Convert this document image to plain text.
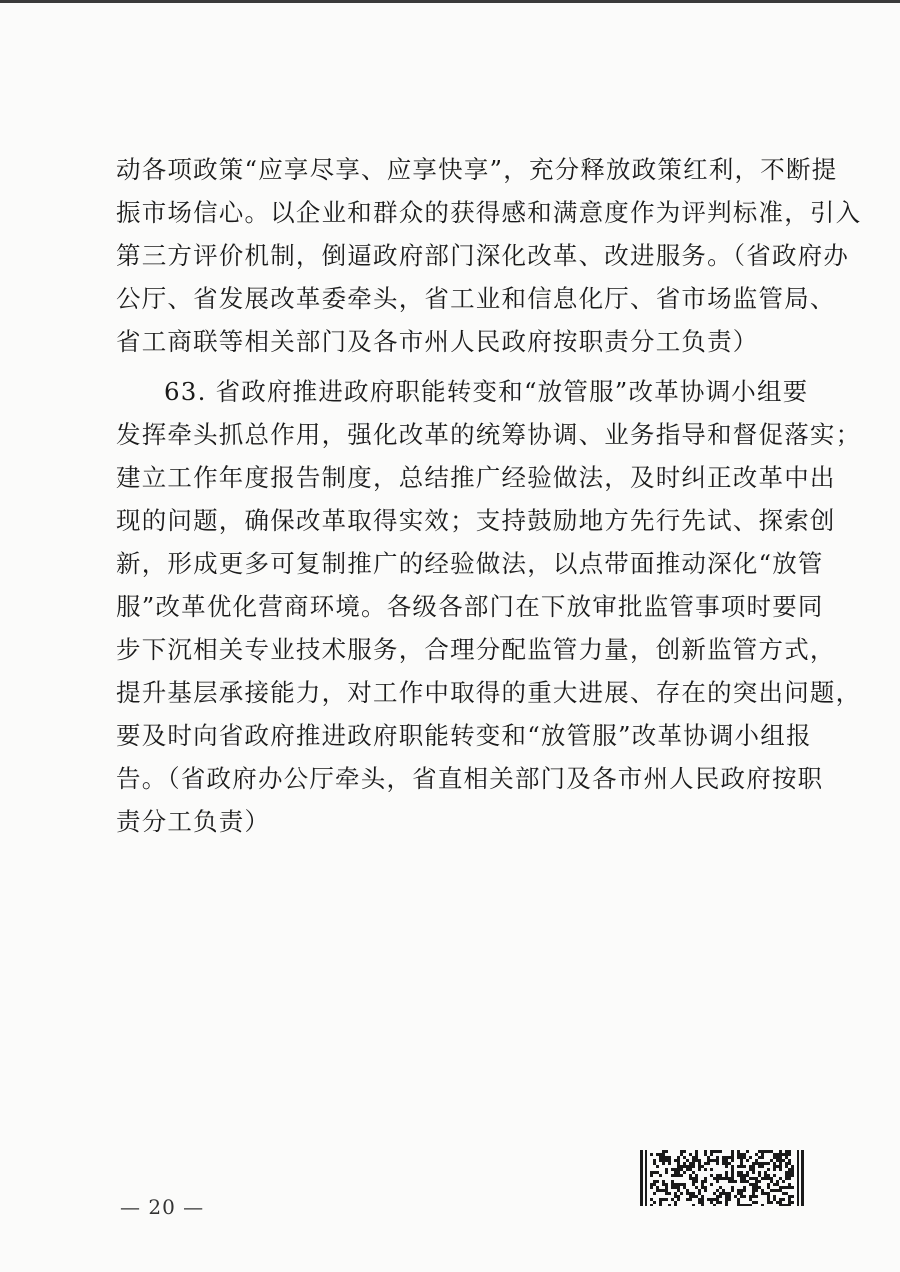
动各项政策“应享尽享、应享快享”，充分释放政策红利，不断提
振市场信心。以企业和群众的获得感和满意度作为评判标准，引入
第三方评价机制，倒逼政府部门深化改革、改进服务。（省政府办
公厅、省发展改革委牵头，省工业和信息化厅、省市场监管局、
省工商联等相关部门及各市州人民政府按职责分工负责）
63. 省政府推进政府职能转变和“放管服”改革协调小组要
发挥牵头抓总作用，强化改革的统筹协调、业务指导和督促落实；
建立工作年度报告制度，总结推广经验做法，及时纠正改革中出
现的问题，确保改革取得实效；支持鼓励地方先行先试、探索创
新，形成更多可复制推广的经验做法，以点带面推动深化“放管
服”改革优化营商环境。各级各部门在下放审批监管事项时要同
步下沉相关专业技术服务，合理分配监管力量，创新监管方式，
提升基层承接能力，对工作中取得的重大进展、存在的突出问题，
要及时向省政府推进政府职能转变和“放管服”改革协调小组报
告。（省政府办公厅牵头，省直相关部门及各市州人民政府按职
责分工负责）
— 20 —
